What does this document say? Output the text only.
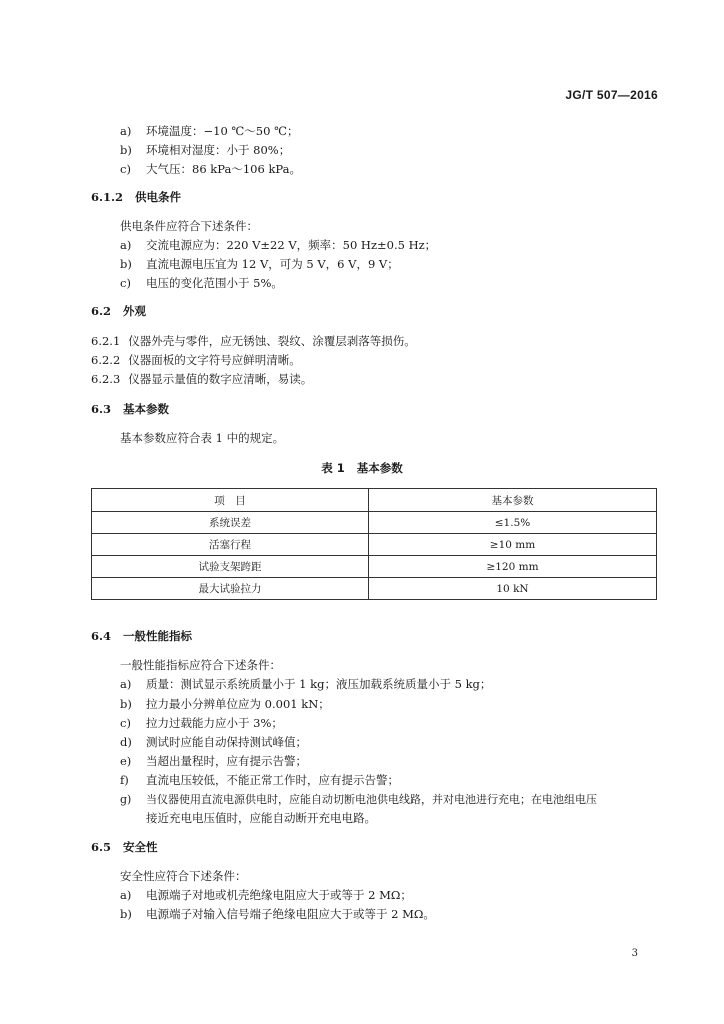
JG/T 507—2016
a) 环境温度：−10 ℃～50 ℃；
b) 环境相对湿度：小于 80%；
c) 大气压：86 kPa～106 kPa。
6.1.2 供电条件
供电条件应符合下述条件：
a) 交流电源应为：220 V±22 V，频率：50 Hz±0.5 Hz；
b) 直流电源电压宜为 12 V，可为 5 V，6 V，9 V；
c) 电压的变化范围小于 5%。
6.2 外观
6.2.1 仪器外壳与零件，应无锈蚀、裂纹、涂覆层剥落等损伤。
6.2.2 仪器面板的文字符号应鲜明清晰。
6.2.3 仪器显示量值的数字应清晰，易读。
6.3 基本参数
基本参数应符合表 1 中的规定。
表 1 基本参数
项　目	基本参数
系统误差	≤1.5%
活塞行程	≥10 mm
试验支架跨距	≥120 mm
最大试验拉力	10 kN
6.4 一般性能指标
一般性能指标应符合下述条件：
a) 质量：测试显示系统质量小于 1 kg；液压加载系统质量小于 5 kg；
b) 拉力最小分辨单位应为 0.001 kN；
c) 拉力过载能力应小于 3%；
d) 测试时应能自动保持测试峰值；
e) 当超出量程时，应有提示告警；
f) 直流电压较低，不能正常工作时，应有提示告警；
g) 当仪器使用直流电源供电时，应能自动切断电池供电线路，并对电池进行充电；在电池组电压
接近充电电压值时，应能自动断开充电电路。
6.5 安全性
安全性应符合下述条件：
a) 电源端子对地或机壳绝缘电阻应大于或等于 2 MΩ；
b) 电源端子对输入信号端子绝缘电阻应大于或等于 2 MΩ。
3
